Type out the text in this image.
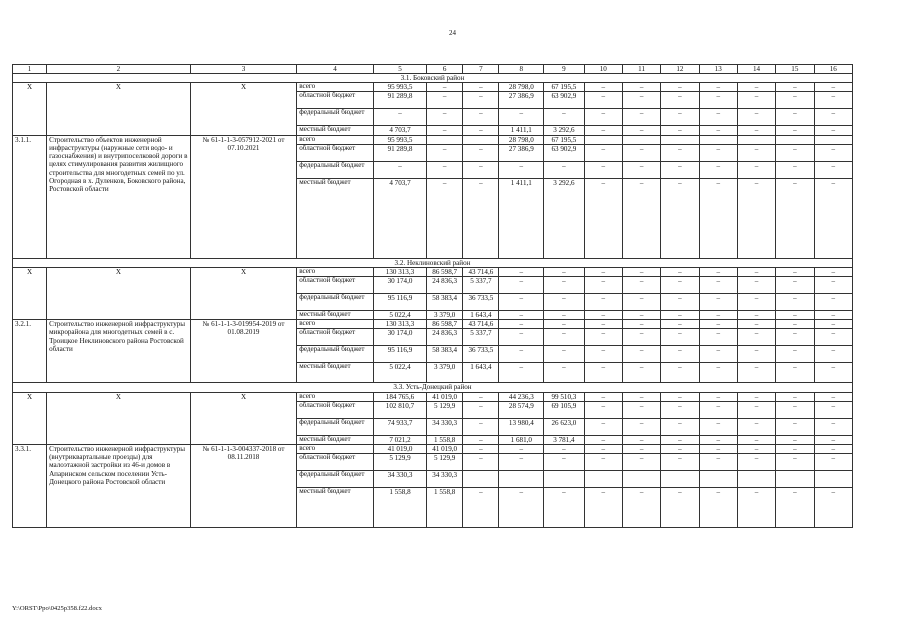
24
1	2	3	4	5	6	7	8	9	10	11	12	13	14	15	16
3.1. Боковский район															
Х	Х	Х	всего	95 993,5	–	–	28 798,0	67 195,5	–	–	–	–	–	–	–
			областной бюджет	91 289,8	–	–	27 386,9	63 902,9	–	–	–	–	–	–	–
			федеральный бюджет	–	–	–	–	–	–	–	–	–	–	–	–
			местный бюджет	4 703,7	–	–	1 411,1	3 292,6	–	–	–	–	–	–	–
3.1.1.	Строительство объектов инженерной инфраструктуры (наружные сети водо- и газоснабжения) и внутрипоселковой дороги в целях стимулирования развития жилищного строительства для многодетных семей по ул. Огородная в х. Дуленков, Боковского района, Ростовской области	№ 61-1-1-3-057912-2021 от 07.10.2021	всего	95 993,5			28 798,0	67 195,5							
			областной бюджет	91 289,8	–	–	27 386,9	63 902,9	–	–	–	–	–	–	–
			федеральный бюджет	–	–	–	–	–	–	–	–	–	–	–	–
			местный бюджет	4 703,7	–	–	1 411,1	3 292,6	–	–	–	–	–	–	–
3.2. Неклиновский район															
Х	Х	Х	всего	130 313,3	86 598,7	43 714,6	–	–	–	–	–	–	–	–	–
			областной бюджет	30 174,0	24 836,3	5 337,7	–	–	–	–	–	–	–	–	–
			федеральный бюджет	95 116,9	58 383,4	36 733,5	–	–	–	–	–	–	–	–	–
			местный бюджет	5 022,4	3 379,0	1 643,4	–	–	–	–	–	–	–	–	–
3.2.1.	Строительство инженерной инфраструктуры микрорайона для многодетных семей в с. Троицкое Неклиновского района Ростовской области	№ 61-1-1-3-019954-2019 от 01.08.2019	всего	130 313,3	86 598,7	43 714,6	–	–	–	–	–	–	–	–	–
			областной бюджет	30 174,0	24 836,3	5 337,7	–	–	–	–	–	–	–	–	–
			федеральный бюджет	95 116,9	58 383,4	36 733,5	–	–	–	–	–	–	–	–	–
			местный бюджет	5 022,4	3 379,0	1 643,4	–	–	–	–	–	–	–	–	–
3.3. Усть-Донецкий район															
Х	Х	Х	всего	184 765,6	41 019,0	–	44 236,3	99 510,3	–	–	–	–	–	–	–
			областной бюджет	102 810,7	5 129,9	–	28 574,9	69 105,9	–	–	–	–	–	–	–
			федеральный бюджет	74 933,7	34 330,3	–	13 980,4	26 623,0	–	–	–	–	–	–	–
			местный бюджет	7 021,2	1 558,8	–	1 681,0	3 781,4	–	–	–	–	–	–	–
3.3.1.	Строительство инженерной инфраструктуры (внутриквартальные проезды) для малоэтажной застройки из 46-и домов в Апаринском сельском поселении Усть-Донецкого района Ростовской области	№ 61-1-1-3-004337-2018 от 08.11.2018	всего	41 019,0	41 019,0	–	–	–	–	–	–	–	–	–	–
			областной бюджет	5 129,9	5 129,9	–	–	–	–	–	–	–	–	–	–
			федеральный бюджет	34 330,3	34 330,3										
			местный бюджет	1 558,8	1 558,8	–	–	–	–	–	–	–	–	–	–
Y:\ORST\Ppo\0425p358.f22.docx
